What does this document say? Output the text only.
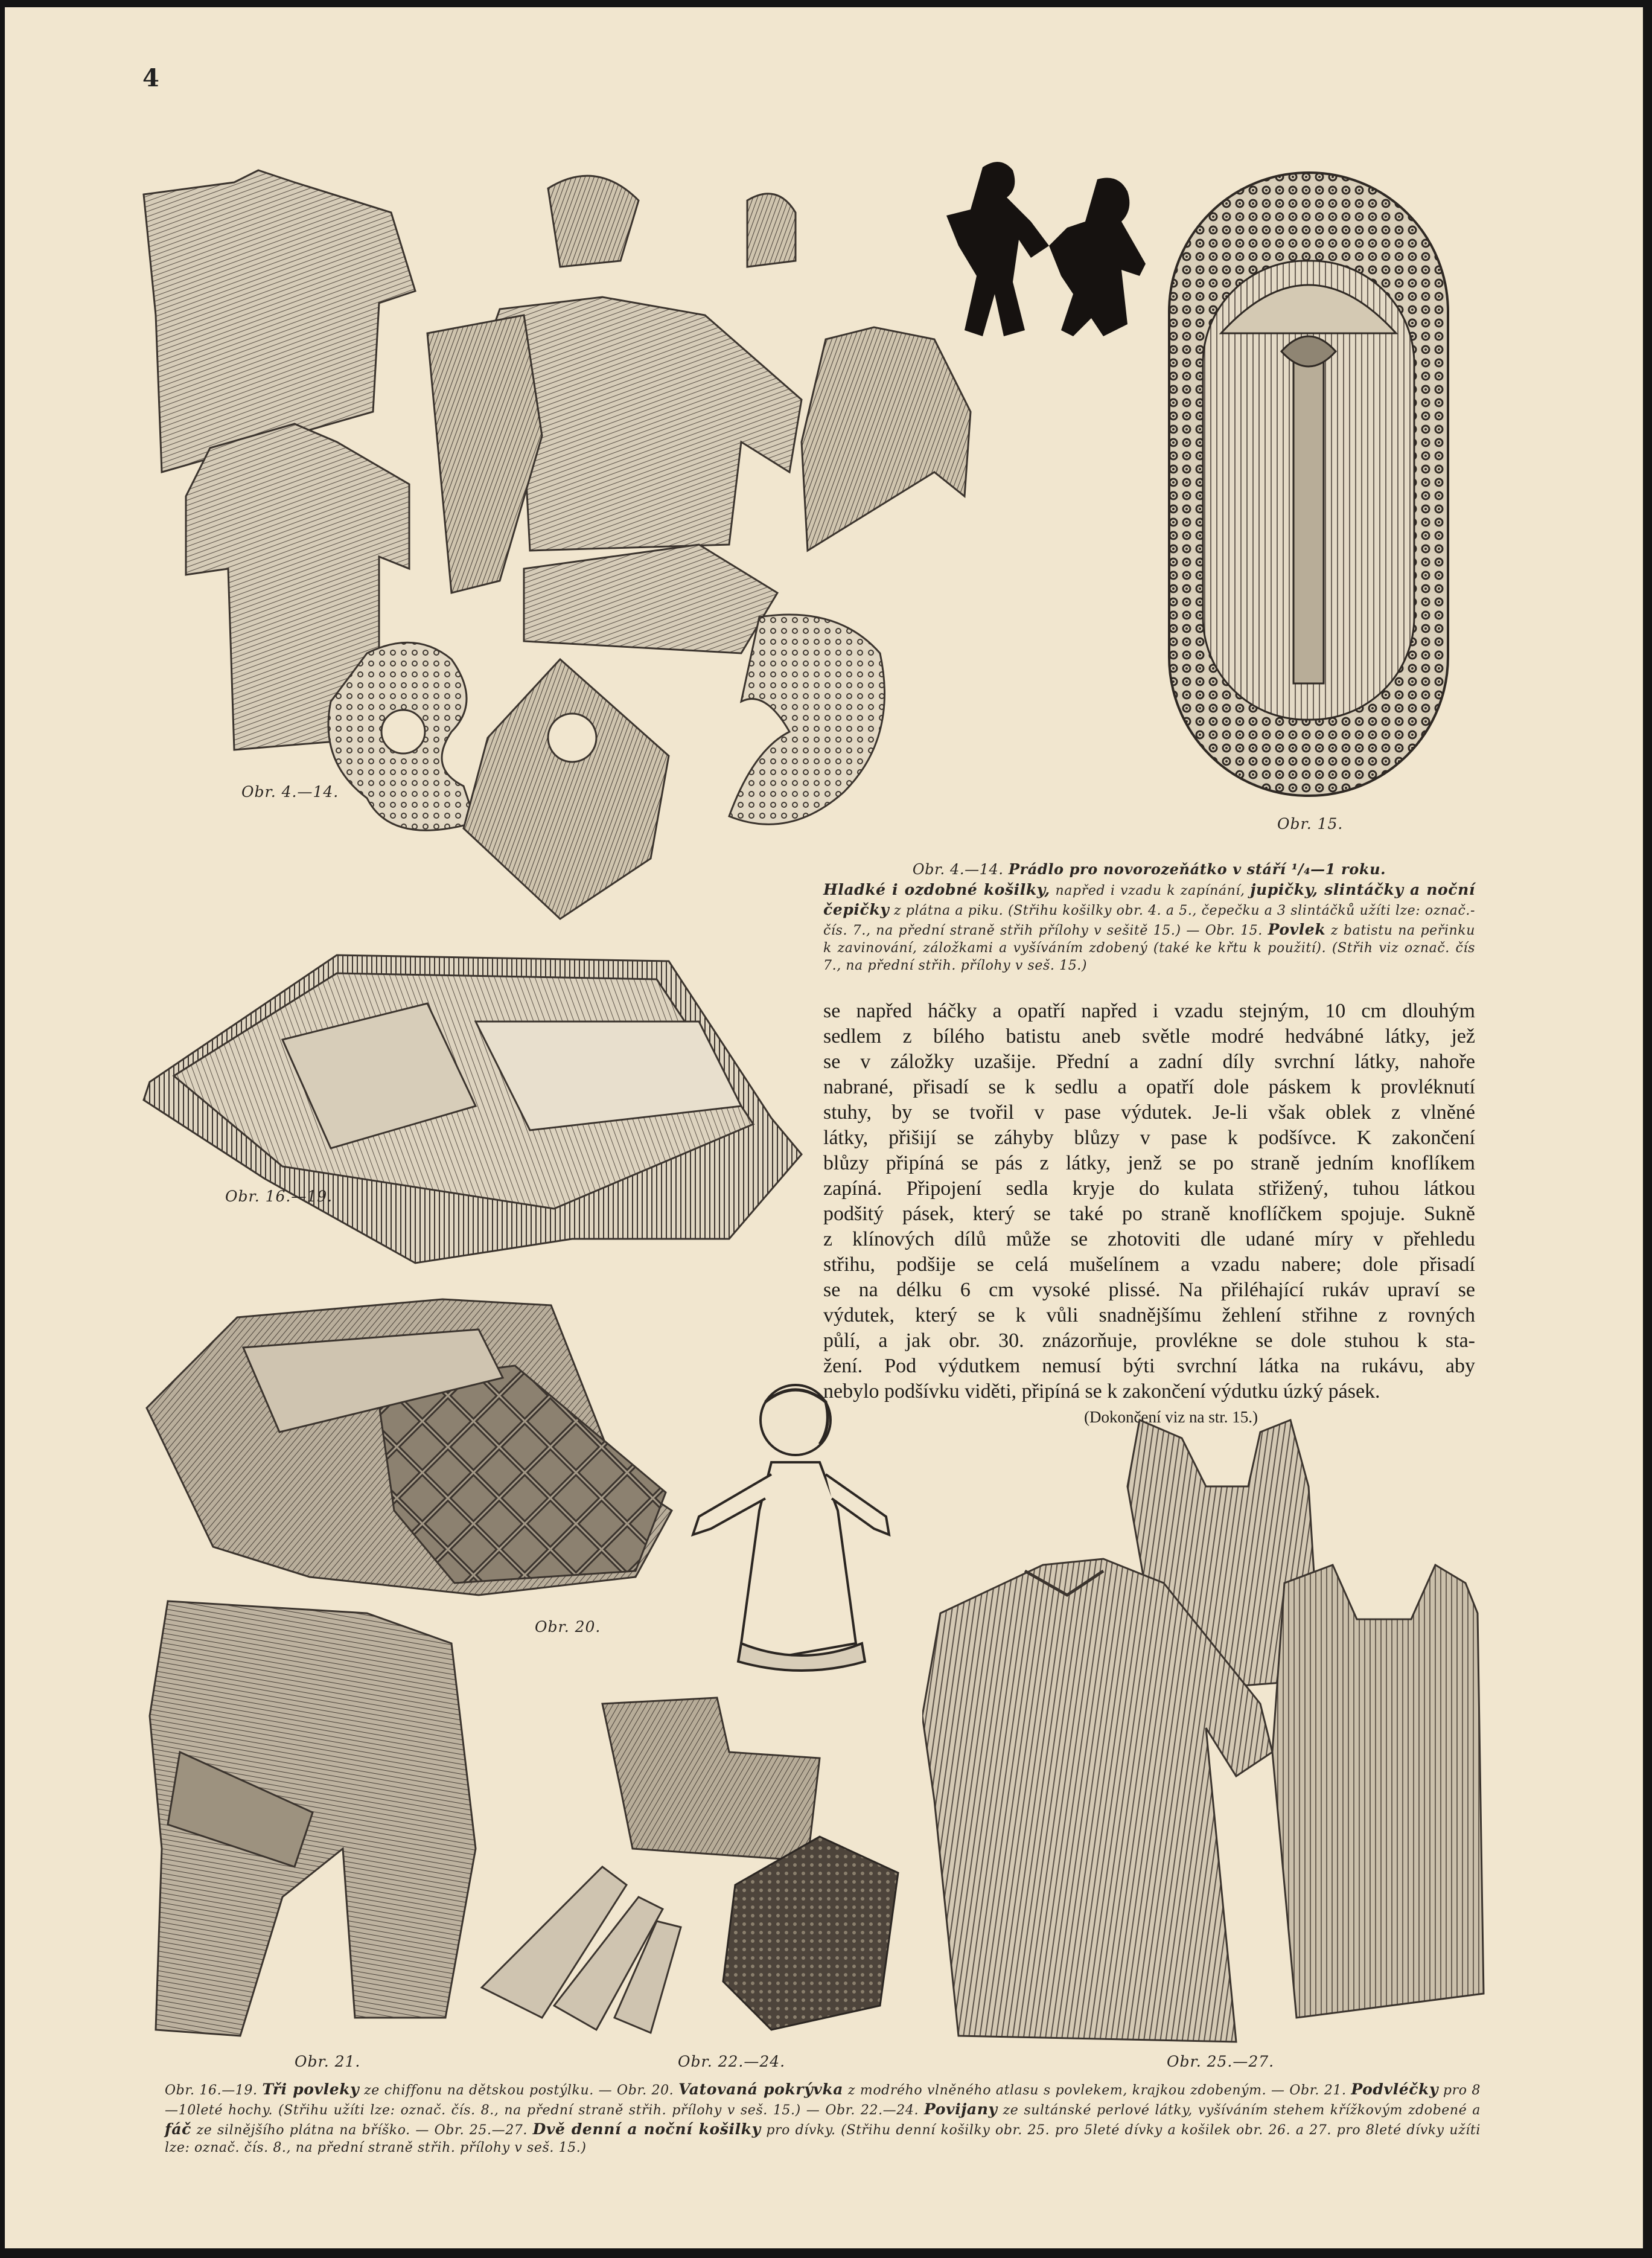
4
Obr. 4.—14.
Obr. 15.
Obr. 4.—14. Prádlo pro novorozeňátko v stáří ¹/₄—1 roku.
Hladké i ozdobné košilky, napřed i vzadu k zapínání, jupičky, slintáčky a noční čepičky z plátna a piku. (Střihu košilky obr. 4. a 5., čepečku a 3 slintáčků užíti lze: označ.-čís. 7., na přední straně střih přílohy v sešitě 15.) — Obr. 15. Povlek z batistu na peřinku k zavinování, záložkami a vyšíváním zdobený (také ke křtu k použití). (Střih viz označ. čís 7., na přední střih. přílohy v seš. 15.)
Obr. 16.—19.
se napřed háčky a opatří napřed i vzadu stejným, 10 cm dlouhým
sedlem z bílého batistu aneb světle modré hedvábné látky, jež
se v záložky uzašije. Přední a zadní díly svrchní látky, nahoře
nabrané, přisadí se k sedlu a opatří dole páskem k provléknutí
stuhy, by se tvořil v pase výdutek. Je-li však oblek z vlněné
látky, přišijí se záhyby blůzy v pase k podšívce. K zakončení
blůzy připíná se pás z látky, jenž se po straně jedním knoflíkem
zapíná. Připojení sedla kryje do kulata střižený, tuhou látkou
podšitý pásek, který se také po straně knoflíčkem spojuje. Sukně
z klínových dílů může se zhotoviti dle udané míry v přehledu
střihu, podšije se celá mušelínem a vzadu nabere; dole přisadí
se na délku 6 cm vysoké plissé. Na přiléhající rukáv upraví se
výdutek, který se k vůli snadnějšímu žehlení střihne z rovných
půlí, a jak obr. 30. znázorňuje, provlékne se dole stuhou k sta-
žení. Pod výdutkem nemusí býti svrchní látka na rukávu, aby
nebylo podšívku viděti, připíná se k zakončení výdutku úzký pásek.
(Dokončení viz na str. 15.)
Obr. 20.
Obr. 21.	Obr. 22.—24.	Obr. 25.—27.
Obr. 16.—19. Tři povleky ze chiffonu na dětskou postýlku. — Obr. 20. Vatovaná pokrývka z modrého vlněného atlasu s povlekem, krajkou zdobeným. — Obr. 21. Podvléčky pro 8—10leté hochy. (Střihu užíti lze: označ. čís. 8., na přední straně střih. přílohy v seš. 15.) — Obr. 22.—24. Povijany ze sultánské perlové látky, vyšíváním stehem křížkovým zdobené a fáč ze silnějšího plátna na bříško. — Obr. 25.—27. Dvě denní a noční košilky pro dívky. (Střihu denní košilky obr. 25. pro 5leté dívky a košilek obr. 26. a 27. pro 8leté dívky užíti lze: označ. čís. 8., na přední straně střih. přílohy v seš. 15.)
